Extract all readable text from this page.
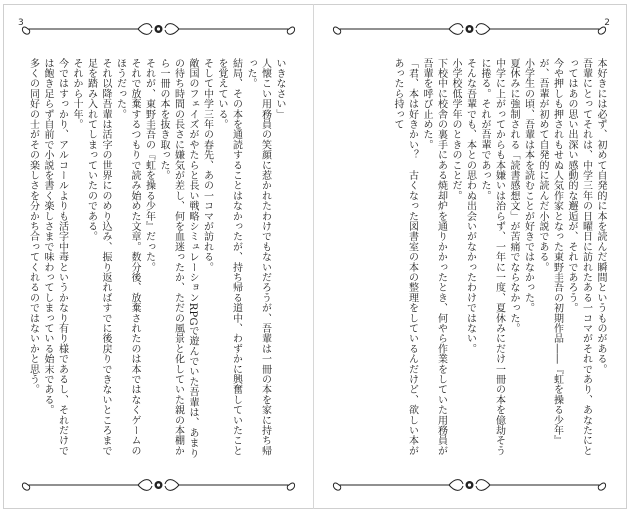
3

いきなさい」

人懐こい用務員の笑顔に惹かれたわけでもないだろうが、吾輩は一冊の本を家に持ち帰った。

結局、その本を通読することはなかったが、持ち帰る道中、わずかに興奮していたことを覚えている。

そして中学三年の春先、あの一コマが訪れる。

敵国のフェイズがやたらと長い戦略シミュレーションRPGで遊んでいた吾輩は、あまりの待ち時間の長さに嫌気が差し、何を血迷ったか、ただの風景と化していた親の本棚から一冊の本を抜き取った。

それが、東野圭吾の『虹を操る少年』だった。

それで放棄するつもりで読み始めた文章。数分後、放棄されたのは本ではなくゲームのほうだった。

それ以降吾輩は活字の世界にのめり込み、振り返ればすでに後戻りできないところまで足を踏み入れてしまっていたのである。

それから十年。

今ではすっかり、アルコールよりも活字中毒というかなり有り様であるし、それだけでは飽き足らず自前で小説を書く楽しさまで味わってしまっている始末である。

多くの同好の士がその楽しさを分かち合ってくれるのではないかと思う。

2

本好きには必ず、初めて自発的に本を読んだ瞬間というものがある。

吾輩にとってそれは、中学三年の日曜日に訪れたある一コマがそれであり、あなたにとってはあの思い出深い感動的な邂逅が、それであろう。

今や押しも押されもせぬ人気作家となった東野圭吾の初期作品――『虹を操る少年』が、吾輩が初めて自発的に読んだ小説である。

小学生の頃、吾輩は本を読むことが好きではなかった。

夏休みに強制される「読書感想文」が苦痛でならなかった。

中学に上がってからも本嫌いは治らず、一年に一度、夏休みにだけ一冊の本を億劫そうに捲る。それが吾輩であった。

そんな吾輩でも、本との思わぬ出会いがなかったわけではない。

小学校低学年のときのことだ。

下校中に校舎の裏手にある焼却炉を通りかかったとき、何やら作業をしていた用務員が吾輩を呼び止めた。

「君、本は好きかい？　古くなった図書室の本の整理をしているんだけど、欲しい本があったら持って
